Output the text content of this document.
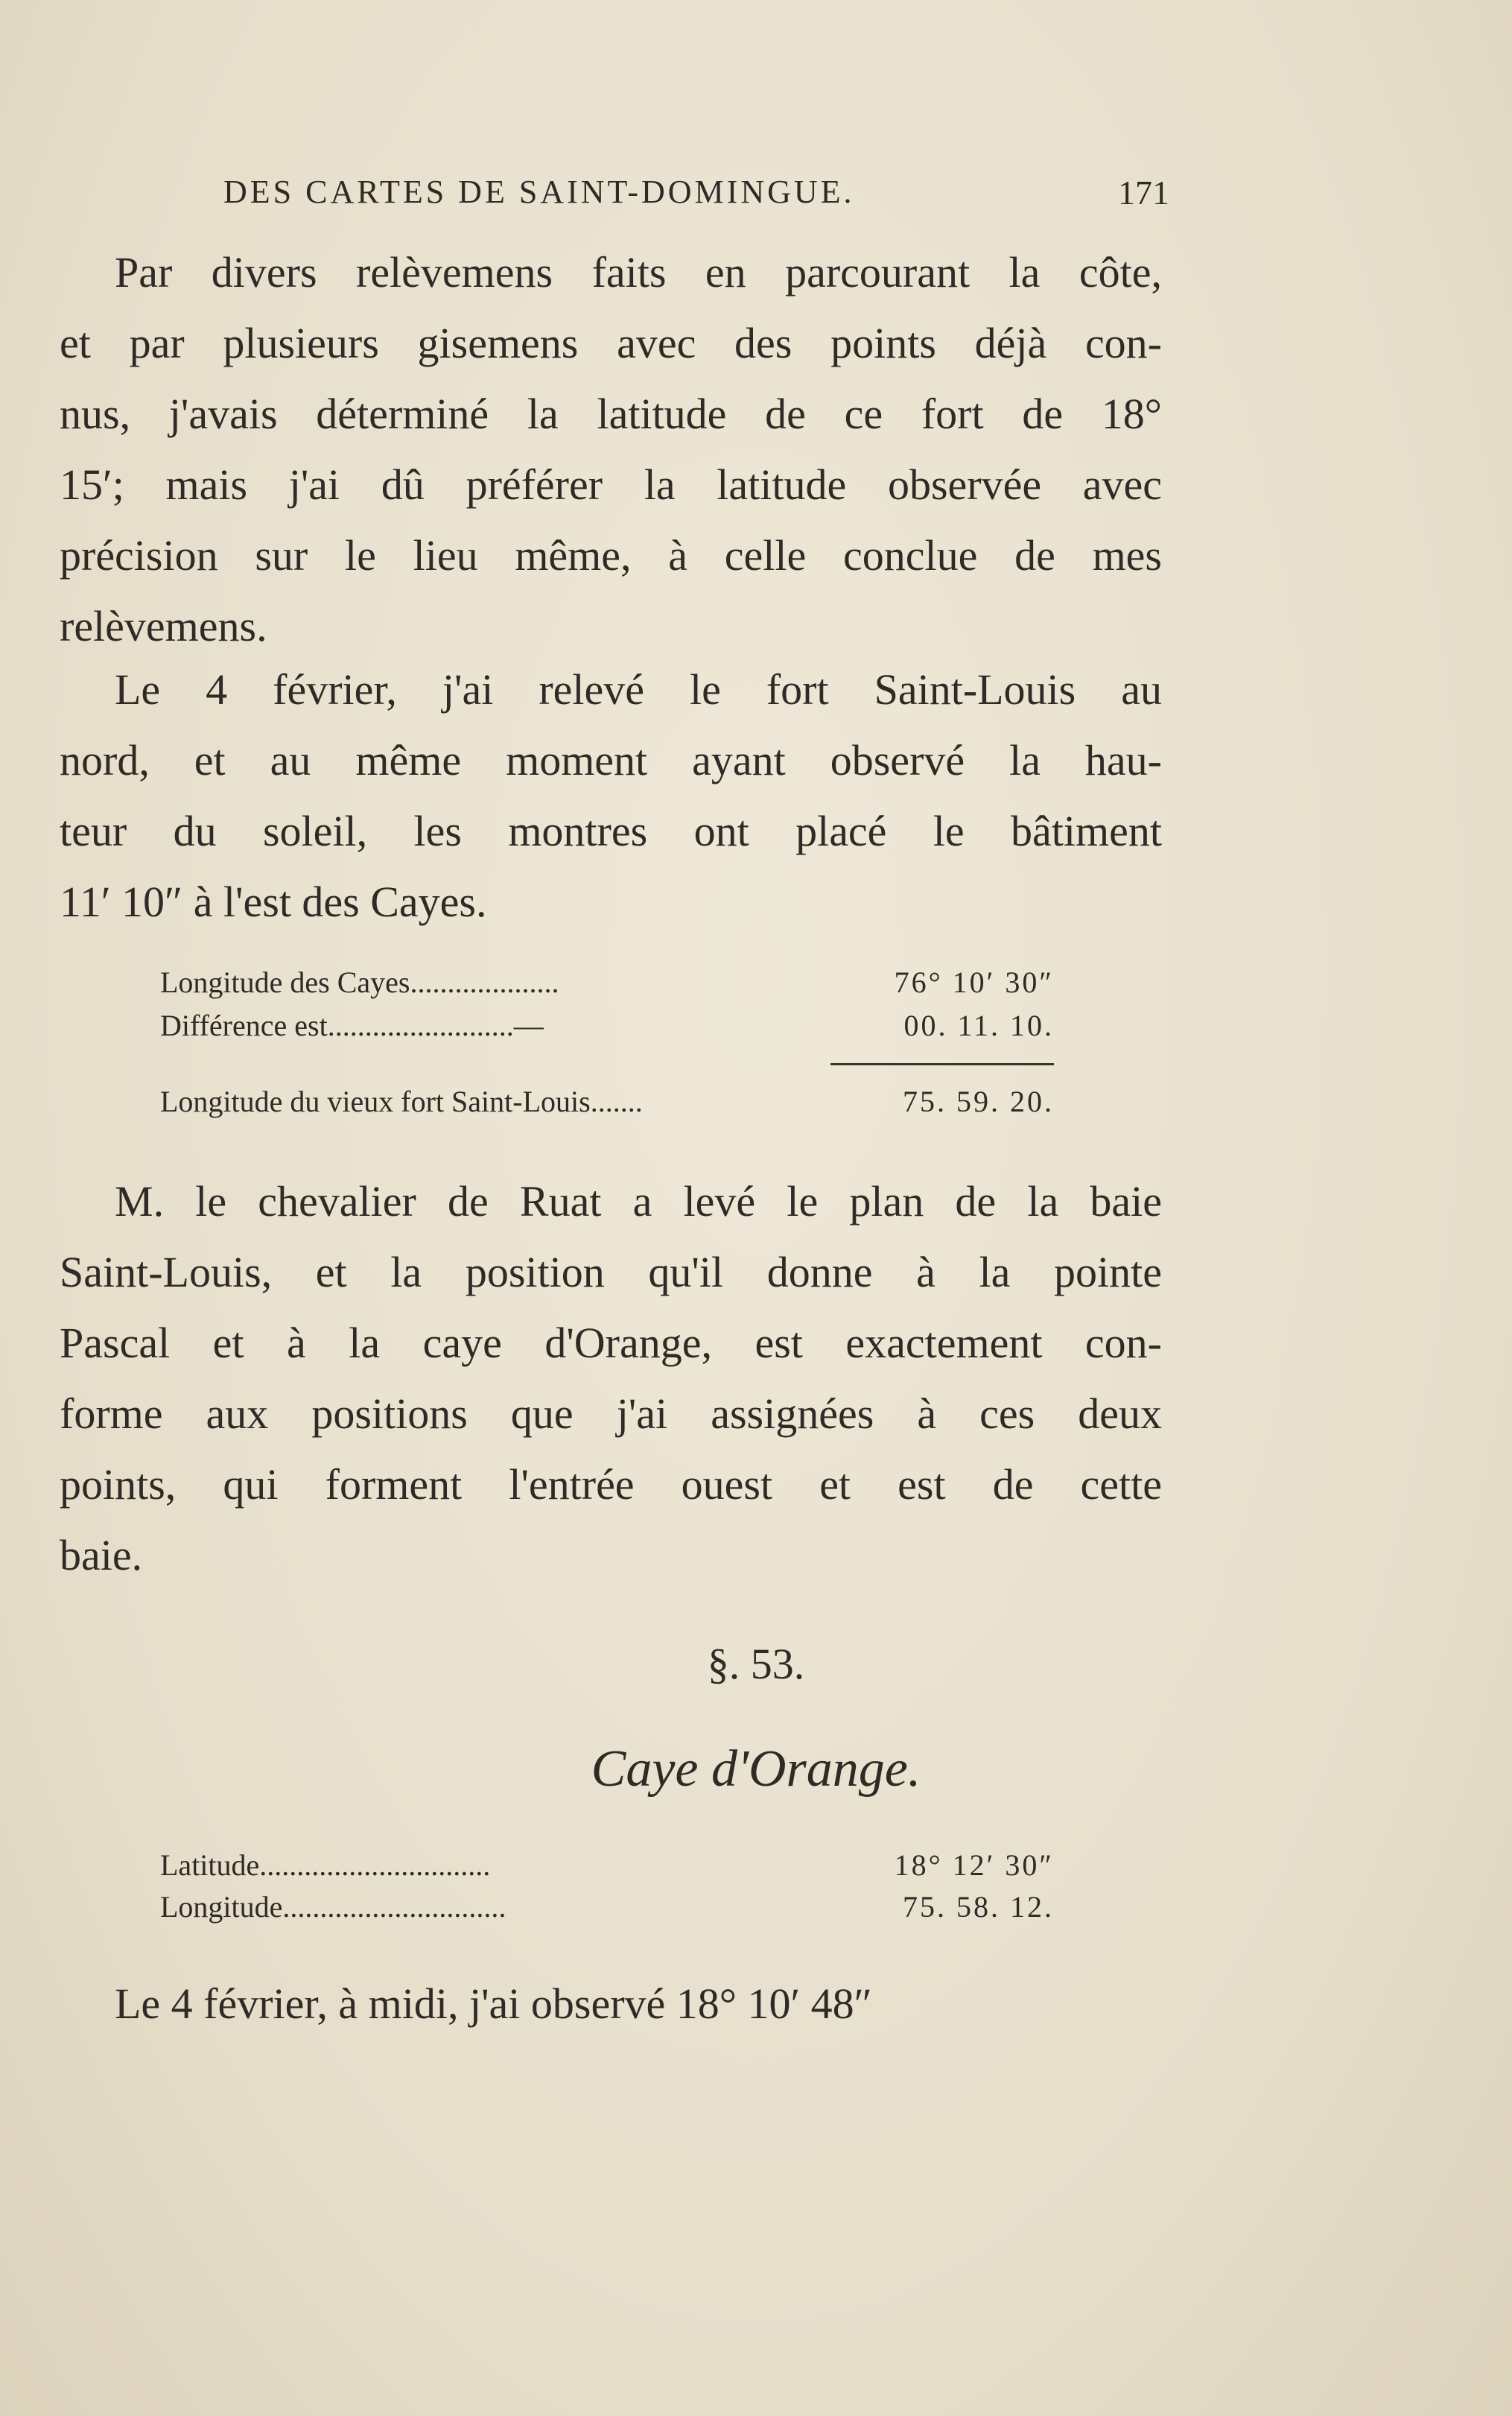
DES CARTES DE SAINT-DOMINGUE.	171
Par divers relèvemens faits en parcourant la côte,
et par plusieurs gisemens avec des points déjà con-
nus, j'avais déterminé la latitude de ce fort de 18°
15′; mais j'ai dû préférer la latitude observée avec
précision sur le lieu même, à celle conclue de mes
relèvemens.
Le 4 février, j'ai relevé le fort Saint-Louis au
nord, et au même moment ayant observé la hau-
teur du soleil, les montres ont placé le bâtiment
11′ 10″ à l'est des Cayes.
Longitude des Cayes....................	76° 10′ 30″
Différence est.........................—	00. 11. 10.
Longitude du vieux fort Saint-Louis.......	75. 59. 20.
M. le chevalier de Ruat a levé le plan de la baie
Saint-Louis, et la position qu'il donne à la pointe
Pascal et à la caye d'Orange, est exactement con-
forme aux positions que j'ai assignées à ces deux
points, qui forment l'entrée ouest et est de cette
baie.
§. 53.
Caye d'Orange.
Latitude...............................	18° 12′ 30″
Longitude..............................	75. 58. 12.
Le 4 février, à midi, j'ai observé 18° 10′ 48″
